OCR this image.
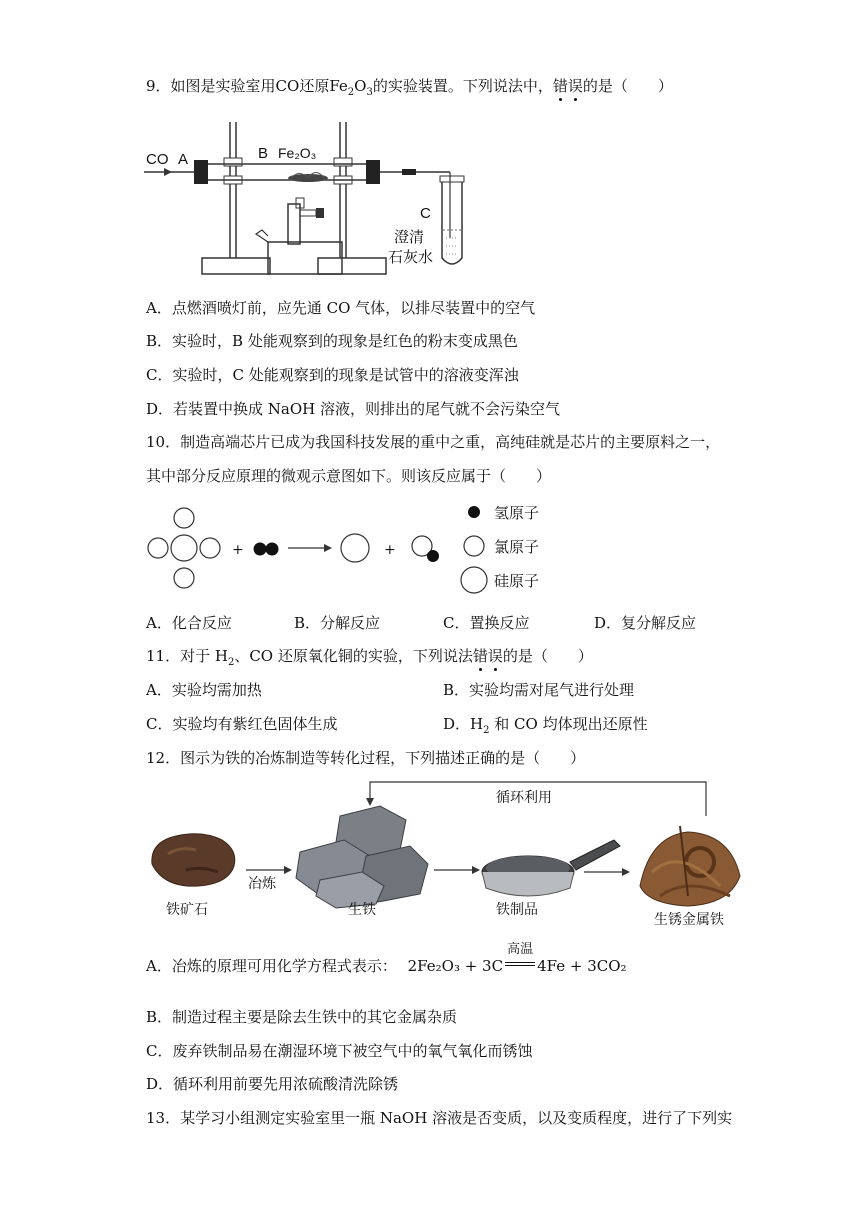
9．如图是实验室用CO还原$Fe_2O_3$的实验装置。下列说法中，错误的是（　　）
CO A	B Fe₂O₃
C
澄清
石灰水
A．点燃酒喷灯前，应先通 CO 气体，以排尽装置中的空气
B．实验时，B 处能观察到的现象是红色的粉末变成黑色
C．实验时，C 处能观察到的现象是试管中的溶液变浑浊
D．若装置中换成 NaOH 溶液，则排出的尾气就不会污染空气
10．制造高端芯片已成为我国科技发展的重中之重，高纯硅就是芯片的主要原料之一，
其中部分反应原理的微观示意图如下。则该反应属于（　　）
+	+
氢原子
氯原子
硅原子
A．化合反应	B．分解反应	C．置换反应	D．复分解反应
11．对于 $H_2$、CO 还原氧化铜的实验，下列说法错误的是（　　）
A．实验均需加热	B．实验均需对尾气进行处理
C．实验均有紫红色固体生成	D．$H_2$ 和 CO 均体现出还原性
12．图示为铁的冶炼制造等转化过程，下列描述正确的是（　　）
循环利用
铁矿石
冶炼
生铁	铁制品
生锈金属铁
A．冶炼的原理可用化学方程式表示： 2Fe₂O₃ + 3C
高温
4Fe + 3CO₂
B．制造过程主要是除去生铁中的其它金属杂质
C．废弃铁制品易在潮湿环境下被空气中的氧气氧化而锈蚀
D．循环利用前要先用浓硫酸清洗除锈
13．某学习小组测定实验室里一瓶 NaOH 溶液是否变质，以及变质程度，进行了下列实
